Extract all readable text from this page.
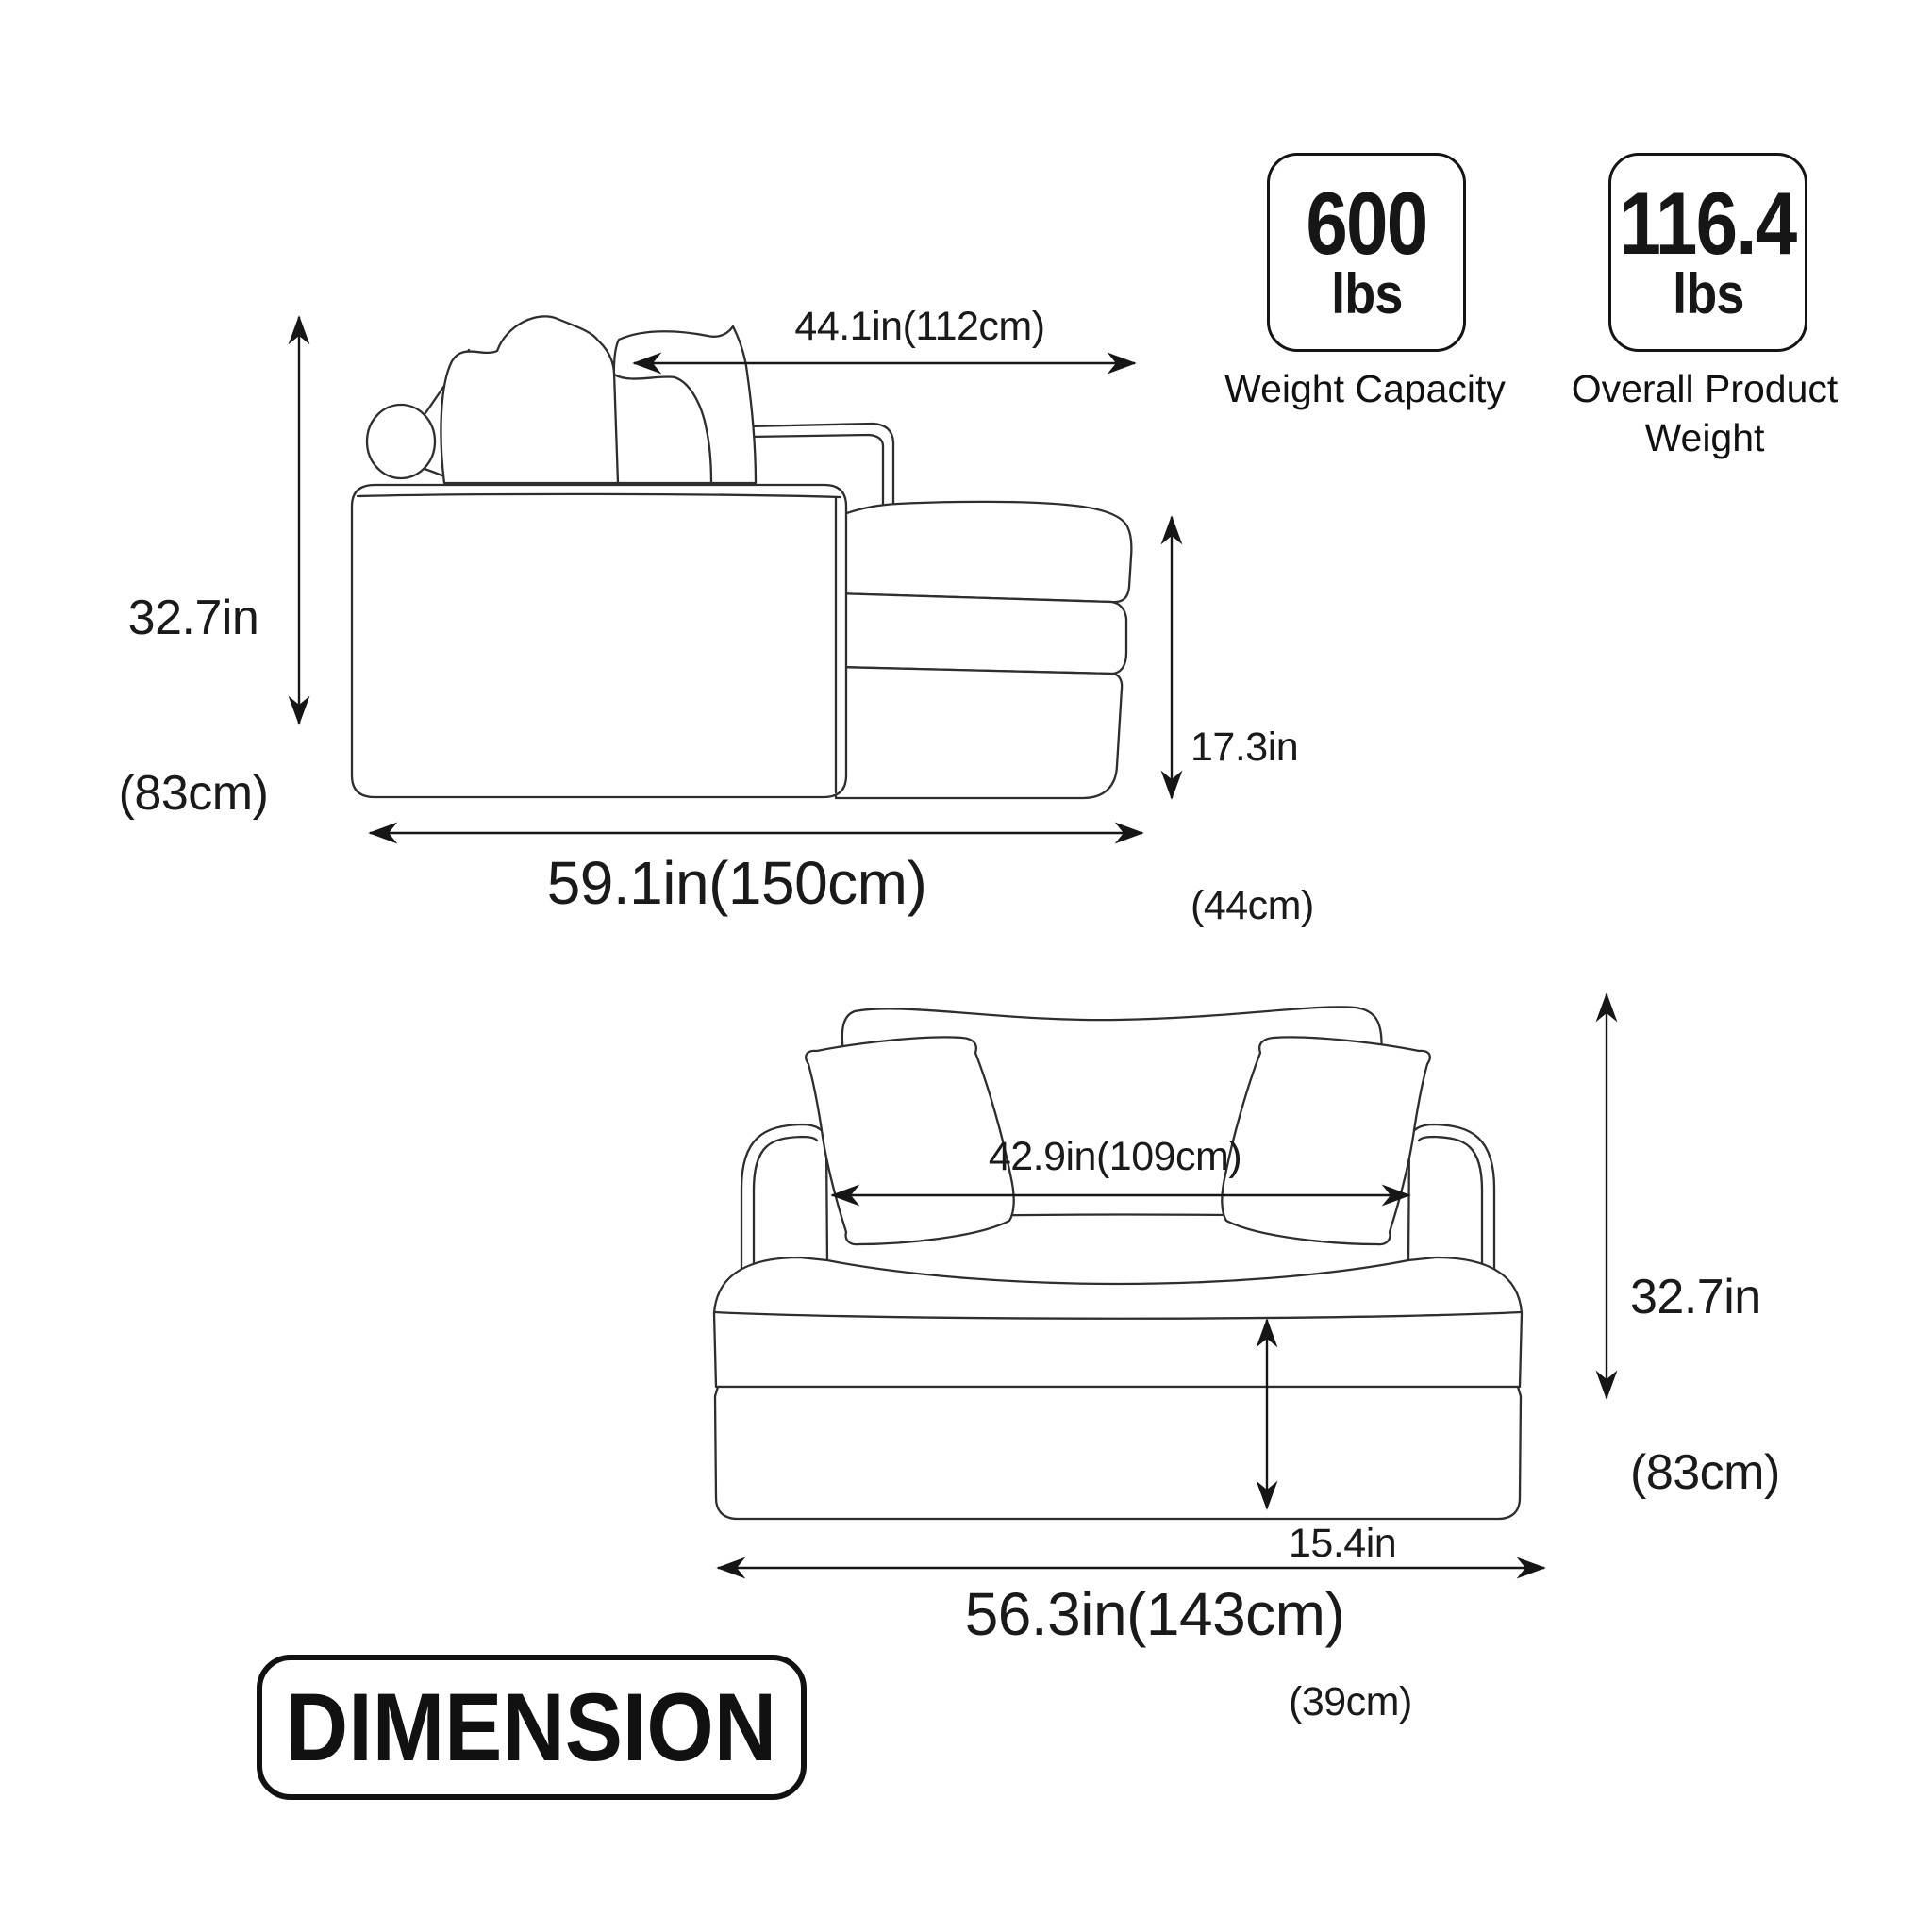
32.7in

(83cm)

44.1in(112cm)

17.3in

(44cm)

59.1in(150cm)
42.9in(109cm)

32.7in

(83cm)

15.4in

(39cm)

56.3in(143cm)
600
lbs
Weight Capacity
116.4
lbs
Overall Product
Weight
DIMENSION
